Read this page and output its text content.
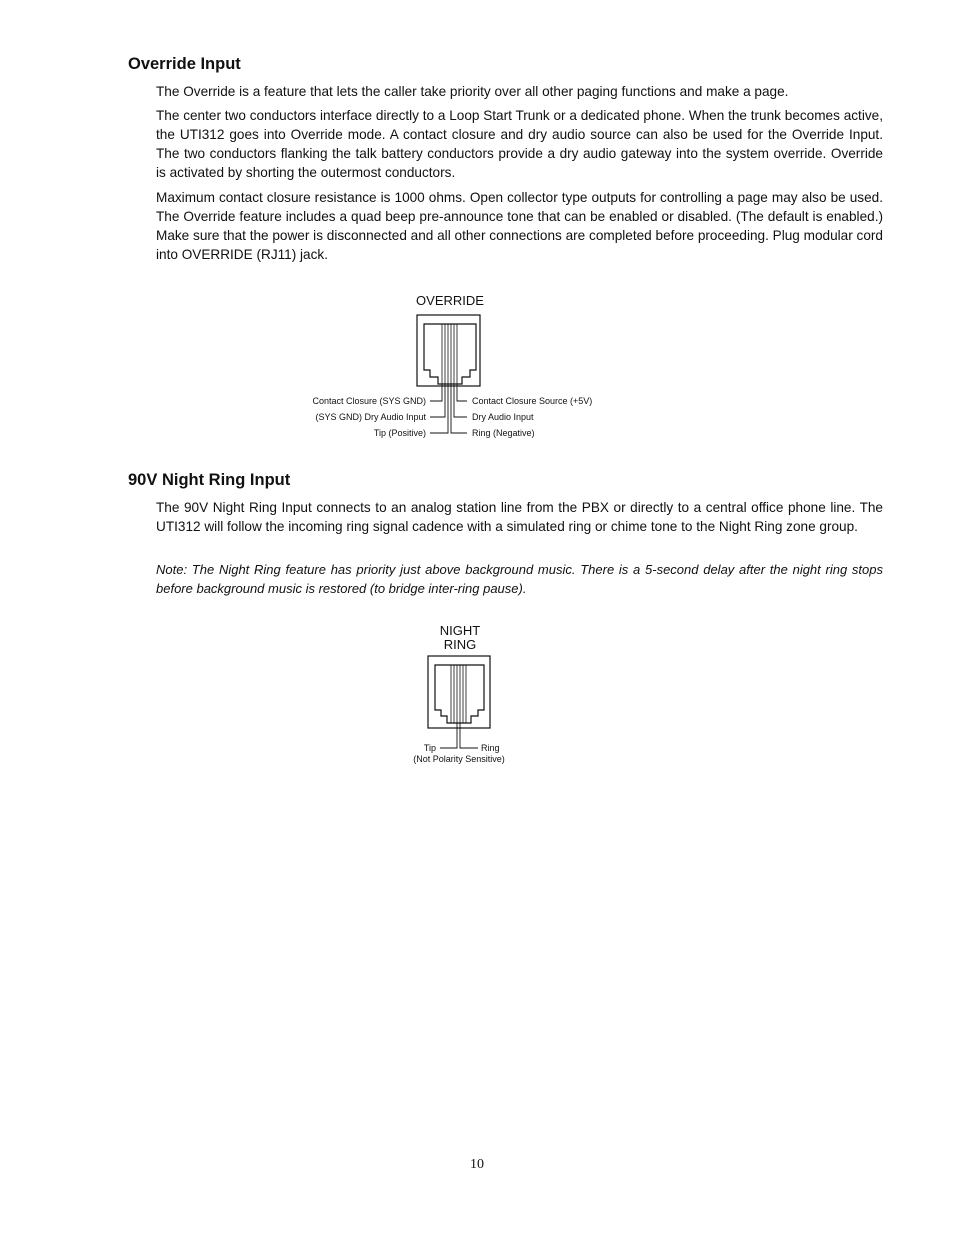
Override Input

The Override is a feature that lets the caller take priority over all other paging functions and make a page.

The center two conductors interface directly to a Loop Start Trunk or a dedicated phone. When the trunk becomes active, the UTI312 goes into Override mode. A contact closure and dry audio source can also be used for the Override Input. The two conductors flanking the talk battery conductors provide a dry audio gateway into the system override. Override is activated by shorting the outermost conductors.

Maximum contact closure resistance is 1000 ohms. Open collector type outputs for controlling a page may also be used. The Override feature includes a quad beep pre-announce tone that can be enabled or disabled. (The default is enabled.) Make sure that the power is disconnected and all other connections are completed before proceeding. Plug modular cord into OVERRIDE (RJ11) jack.

OVERRIDE
Contact Closure (SYS GND)
(SYS GND) Dry Audio Input
Tip (Positive)
Contact Closure Source (+5V)
Dry Audio Input
Ring (Negative)
90V Night Ring Input

The 90V Night Ring Input connects to an analog station line from the PBX or directly to a central office phone line. The UTI312 will follow the incoming ring signal cadence with a simulated ring or chime tone to the Night Ring zone group.

Note: The Night Ring feature has priority just above background music. There is a 5-second delay after the night ring stops before background music is restored (to bridge inter-ring pause).

NIGHT
RING
Tip	Ring
(Not Polarity Sensitive)
10
